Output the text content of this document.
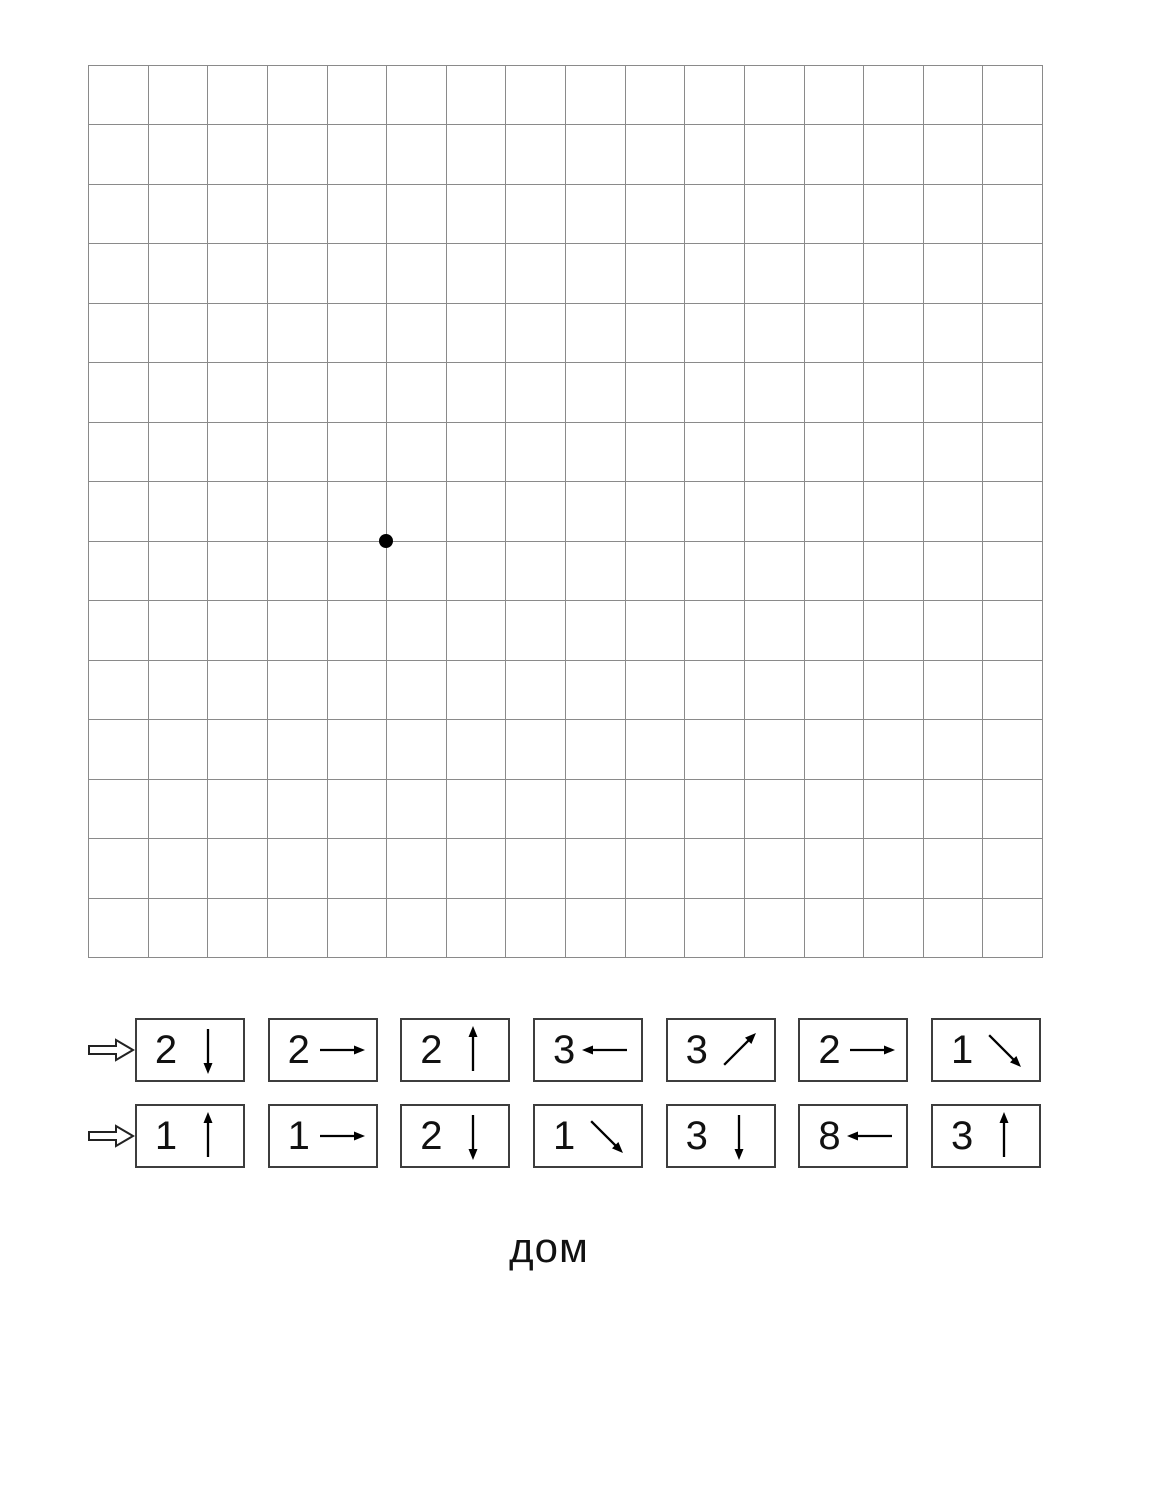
2	2	2	3	3	2	1
1	1	2	1	3	8	3
дом
